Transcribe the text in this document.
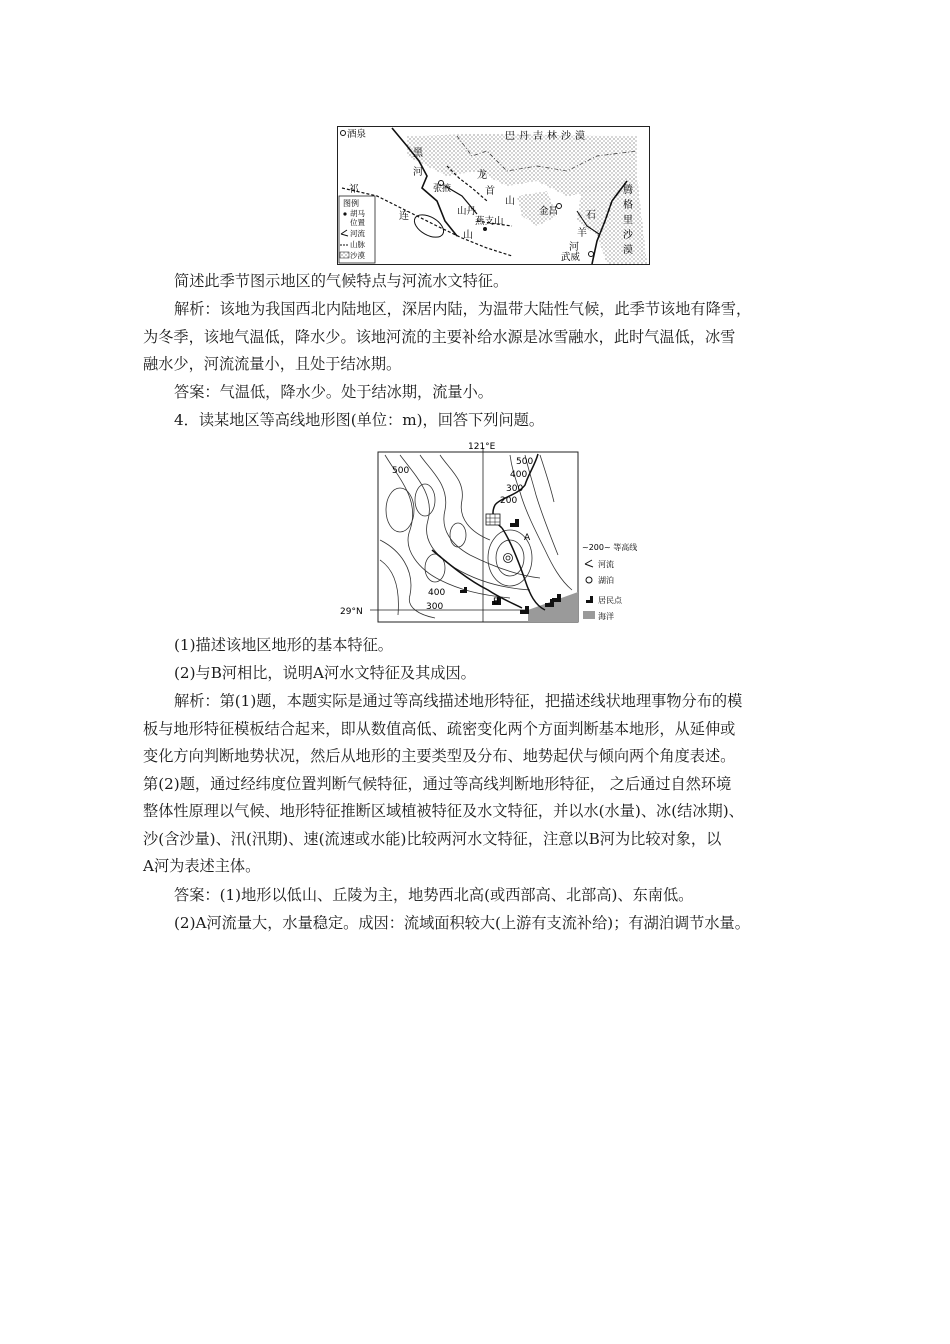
酒泉	巴丹吉林沙漠
黑
河
张掖
龙
首
山
山丹
祁
连	燕支山
金昌
山
石
羊
河
武威
腾
格
里
沙
漠
图例
胡马
位置
河流
山脉
沙漠

简述此季节图示地区的气候特点与河流水文特征。

解析：该地为我国西北内陆地区，深居内陆，为温带大陆性气候，此季节该地有降雪，
为冬季，该地气温低，降水少。该地河流的主要补给水源是冰雪融水，此时气温低，冰雪
融水少，河流流量小，且处于结冰期。

答案：气温低，降水少。处于结冰期，流量小。

4．读某地区等高线地形图(单位：m)，回答下列问题。

121°E
29°N
500
500
400
300
200
400
300
A
B
~200~ 等高线
河流
湖泊
居民点
海洋

(1)描述该地区地形的基本特征。

(2)与B河相比，说明A河水文特征及其成因。

解析：第(1)题，本题实际是通过等高线描述地形特征，把描述线状地理事物分布的模
板与地形特征模板结合起来，即从数值高低、疏密变化两个方面判断基本地形，从延伸或
变化方向判断地势状况，然后从地形的主要类型及分布、地势起伏与倾向两个角度表述。
第(2)题，通过经纬度位置判断气候特征，通过等高线判断地形特征， 之后通过自然环境
整体性原理以气候、地形特征推断区域植被特征及水文特征，并以水(水量)、冰(结冰期)、
沙(含沙量)、汛(汛期)、速(流速或水能)比较两河水文特征，注意以B河为比较对象，以
A河为表述主体。

答案：(1)地形以低山、丘陵为主，地势西北高(或西部高、北部高)、东南低。

(2)A河流量大，水量稳定。成因：流域面积较大(上游有支流补给)；有湖泊调节水量。
